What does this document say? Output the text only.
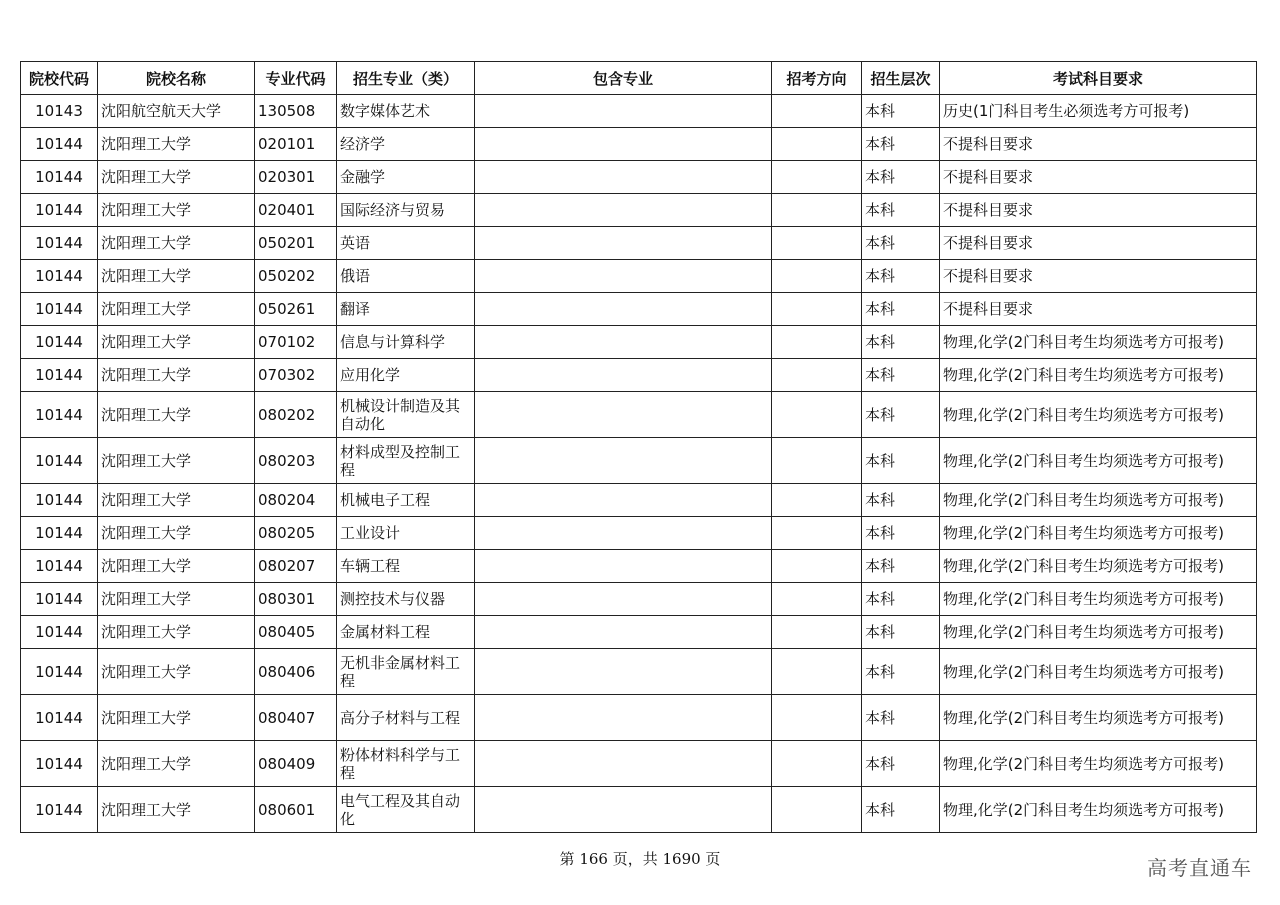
院校代码	院校名称	专业代码	招生专业（类）	包含专业	招考方向	招生层次	考试科目要求
10143	沈阳航空航天大学	130508	数字媒体艺术			本科	历史(1门科目考生必须选考方可报考)
10144	沈阳理工大学	020101	经济学			本科	不提科目要求
10144	沈阳理工大学	020301	金融学			本科	不提科目要求
10144	沈阳理工大学	020401	国际经济与贸易			本科	不提科目要求
10144	沈阳理工大学	050201	英语			本科	不提科目要求
10144	沈阳理工大学	050202	俄语			本科	不提科目要求
10144	沈阳理工大学	050261	翻译			本科	不提科目要求
10144	沈阳理工大学	070102	信息与计算科学			本科	物理,化学(2门科目考生均须选考方可报考)
10144	沈阳理工大学	070302	应用化学			本科	物理,化学(2门科目考生均须选考方可报考)
10144	沈阳理工大学	080202	机械设计制造及其自动化			本科	物理,化学(2门科目考生均须选考方可报考)
10144	沈阳理工大学	080203	材料成型及控制工程			本科	物理,化学(2门科目考生均须选考方可报考)
10144	沈阳理工大学	080204	机械电子工程			本科	物理,化学(2门科目考生均须选考方可报考)
10144	沈阳理工大学	080205	工业设计			本科	物理,化学(2门科目考生均须选考方可报考)
10144	沈阳理工大学	080207	车辆工程			本科	物理,化学(2门科目考生均须选考方可报考)
10144	沈阳理工大学	080301	测控技术与仪器			本科	物理,化学(2门科目考生均须选考方可报考)
10144	沈阳理工大学	080405	金属材料工程			本科	物理,化学(2门科目考生均须选考方可报考)
10144	沈阳理工大学	080406	无机非金属材料工程			本科	物理,化学(2门科目考生均须选考方可报考)
10144	沈阳理工大学	080407	高分子材料与工程			本科	物理,化学(2门科目考生均须选考方可报考)
10144	沈阳理工大学	080409	粉体材料科学与工程			本科	物理,化学(2门科目考生均须选考方可报考)
10144	沈阳理工大学	080601	电气工程及其自动化			本科	物理,化学(2门科目考生均须选考方可报考)
第 166 页，共 1690 页	高考直通车
